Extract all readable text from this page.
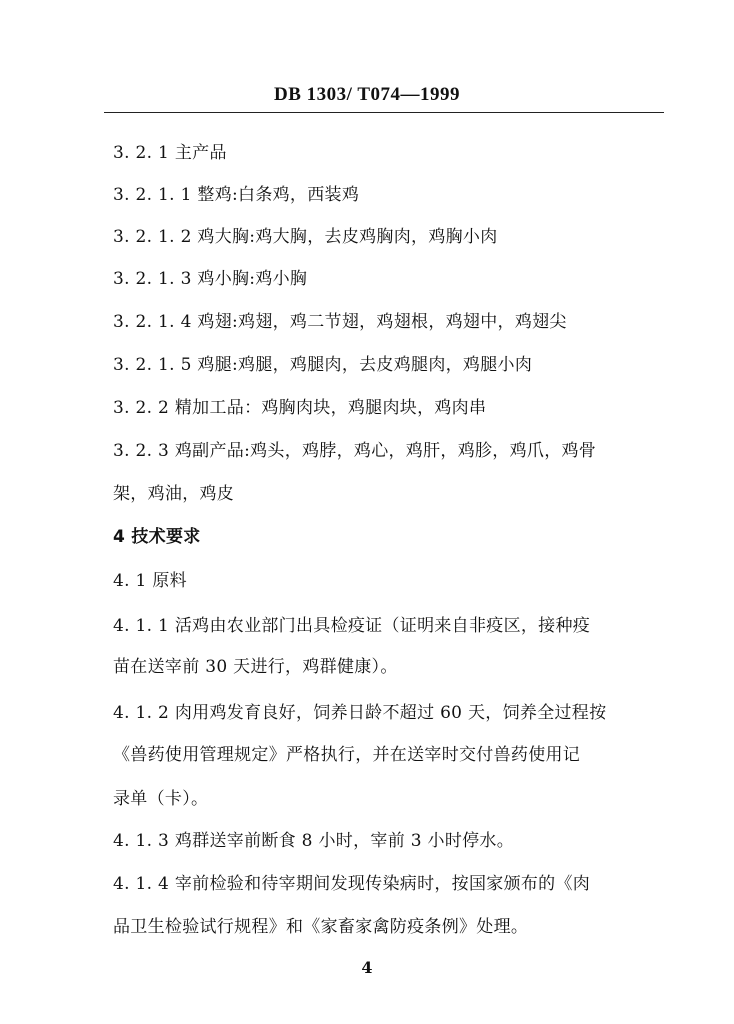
DB 1303/ T074—1999
3. 2. 1 主产品
3. 2. 1. 1 整鸡:白条鸡，西装鸡
3. 2. 1. 2 鸡大胸:鸡大胸，去皮鸡胸肉，鸡胸小肉
3. 2. 1. 3 鸡小胸:鸡小胸
3. 2. 1. 4 鸡翅:鸡翅，鸡二节翅，鸡翅根，鸡翅中，鸡翅尖
3. 2. 1. 5 鸡腿:鸡腿，鸡腿肉，去皮鸡腿肉，鸡腿小肉
3. 2. 2 精加工品：鸡胸肉块，鸡腿肉块，鸡肉串
3. 2. 3 鸡副产品:鸡头，鸡脖，鸡心，鸡肝，鸡胗，鸡爪，鸡骨
架，鸡油，鸡皮
4 技术要求
4. 1 原料
4. 1. 1 活鸡由农业部门出具检疫证（证明来自非疫区，接种疫
苗在送宰前 30 天进行，鸡群健康）。
4. 1. 2 肉用鸡发育良好，饲养日龄不超过 60 天，饲养全过程按
《兽药使用管理规定》严格执行，并在送宰时交付兽药使用记
录单（卡）。
4. 1. 3 鸡群送宰前断食 8 小时，宰前 3 小时停水。
4. 1. 4 宰前检验和待宰期间发现传染病时，按国家颁布的《肉
品卫生检验试行规程》和《家畜家禽防疫条例》处理。
4
